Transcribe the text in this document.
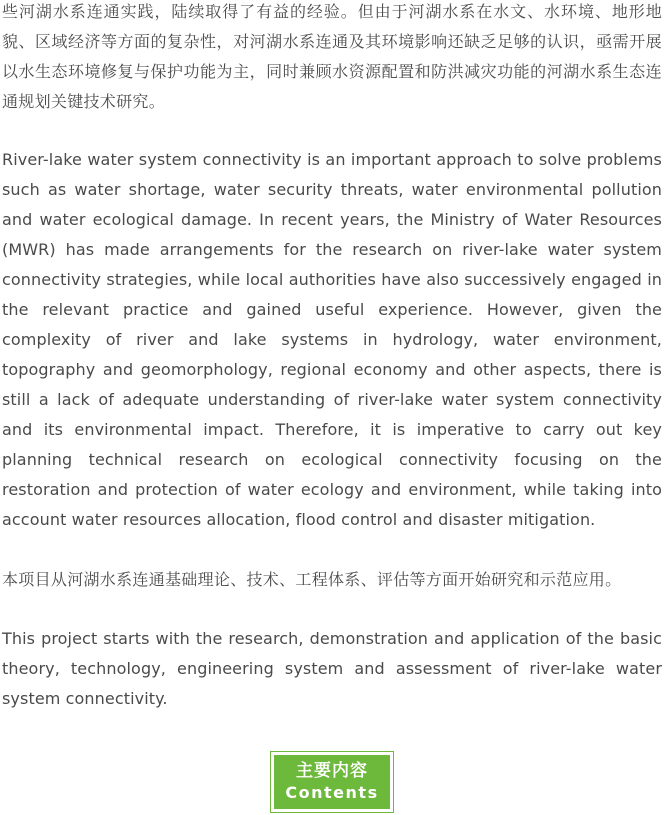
些河湖水系连通实践，陆续取得了有益的经验。但由于河湖水系在水文、水环境、地形地貌、区域经济等方面的复杂性，对河湖水系连通及其环境影响还缺乏足够的认识，亟需开展以水生态环境修复与保护功能为主，同时兼顾水资源配置和防洪减灾功能的河湖水系生态连通规划关键技术研究。

River-lake water system connectivity is an important approach to solve problems such as water shortage, water security threats, water environmental pollution and water ecological damage. In recent years, the Ministry of Water Resources (MWR) has made arrangements for the research on river-lake water system connectivity strategies, while local authorities have also successively engaged in the relevant practice and gained useful experience. However, given the complexity of river and lake systems in hydrology, water environment, topography and geomorphology, regional economy and other aspects, there is still a lack of adequate understanding of river-lake water system connectivity and its environmental impact. Therefore, it is imperative to carry out key planning technical research on ecological connectivity focusing on the restoration and protection of water ecology and environment, while taking into account water resources allocation, flood control and disaster mitigation.

本项目从河湖水系连通基础理论、技术、工程体系、评估等方面开始研究和示范应用。

This project starts with the research, demonstration and application of the basic theory, technology, engineering system and assessment of river-lake water system connectivity.

主要内容
Contents
